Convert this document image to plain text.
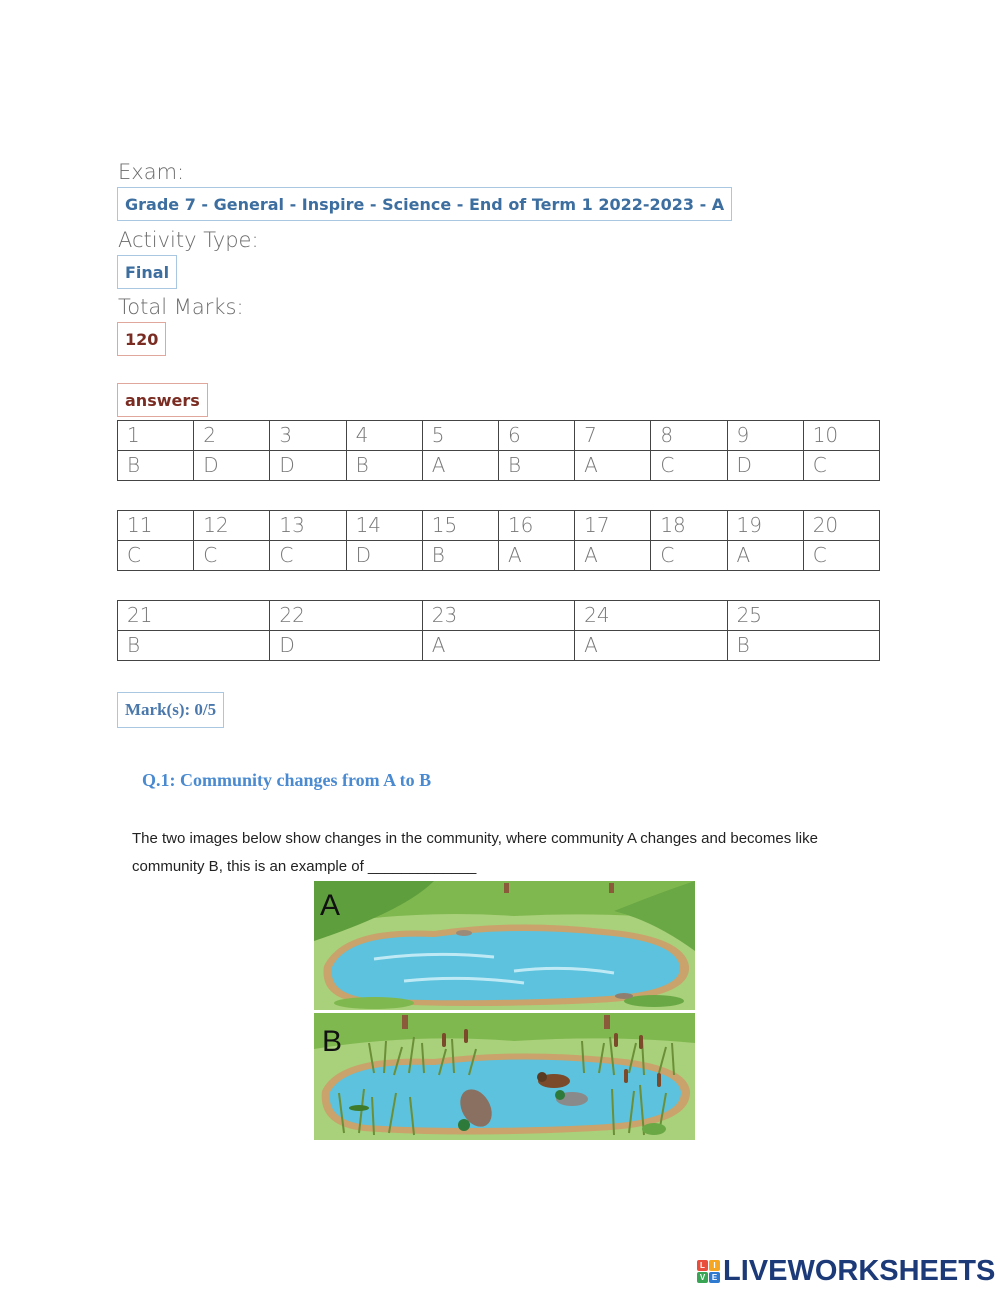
Exam:
Grade 7 - General - Inspire - Science - End of Term 1 2022-2023 - A
Activity Type:
Final
Total Marks:
120
answers
1	2	3	4	5	6	7	8	9	10
B	D	D	B	A	B	A	C	D	C
11	12	13	14	15	16	17	18	19	20
C	C	C	D	B	A	A	C	A	C
21	22	23	24	25
B	D	A	A	B
Mark(s): 0/5
Q.1: Community changes from A to B
The two images below show changes in the community, where community A changes and becomes like community B, this is an example of _____________
A
B
L	I
V E LIVEWORKSHEETS
